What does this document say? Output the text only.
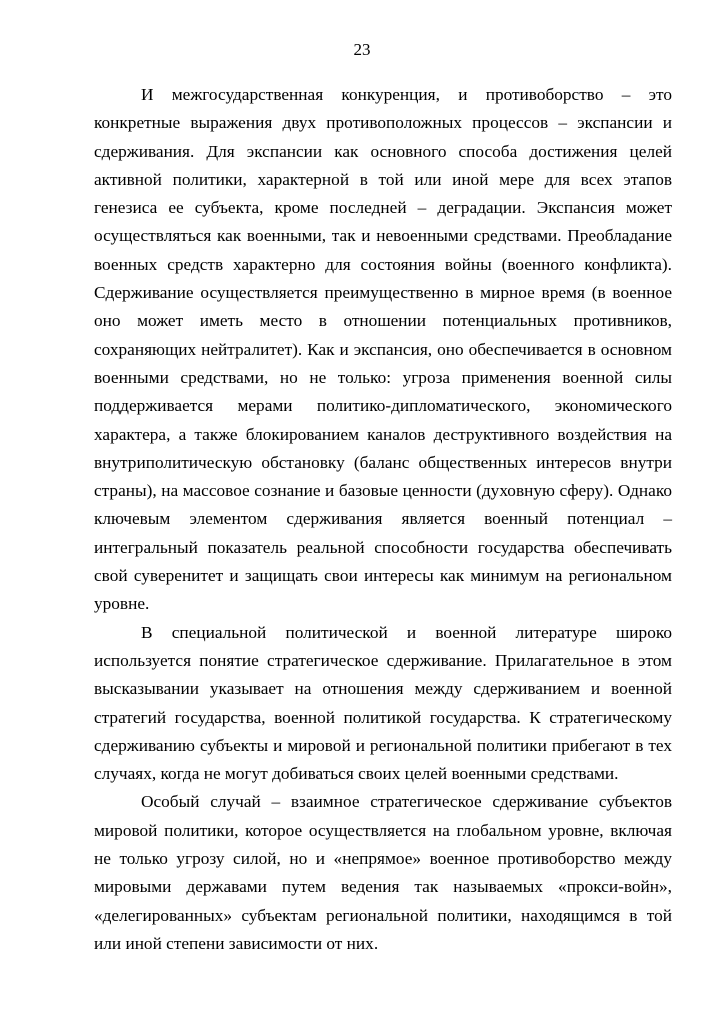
23

И межгосударственная конкуренция, и противоборство – это конкретные выражения двух противоположных процессов – экспансии и сдерживания. Для экспансии как основного способа достижения целей активной политики, характерной в той или иной мере для всех этапов генезиса ее субъекта, кроме последней – деградации. Экспансия может осуществляться как военными, так и невоенными средствами. Преобладание военных средств характерно для состояния войны (военного конфликта). Сдерживание осуществляется преимущественно в мирное время (в военное оно может иметь место в отношении потенциальных противников, сохраняющих нейтралитет). Как и экспансия, оно обеспечивается в основном военными средствами, но не только: угроза применения военной силы поддерживается мерами политико-дипломатического, экономического характера, а также блокированием каналов деструктивного воздействия на внутриполитическую обстановку (баланс общественных интересов внутри страны), на массовое сознание и базовые ценности (духовную сферу). Однако ключевым элементом сдерживания является военный потенциал – интегральный показатель реальной способности государства обеспечивать свой суверенитет и защищать свои интересы как минимум на региональном уровне.

В специальной политической и военной литературе широко используется понятие стратегическое сдерживание. Прилагательное в этом высказывании указывает на отношения между сдерживанием и военной стратегий государства, военной политикой государства. К стратегическому сдерживанию субъекты и мировой и региональной политики прибегают в тех случаях, когда не могут добиваться своих целей военными средствами.

Особый случай – взаимное стратегическое сдерживание субъектов мировой политики, которое осуществляется на глобальном уровне, включая не только угрозу силой, но и «непрямое» военное противоборство между мировыми державами путем ведения так называемых «прокси-войн», «делегированных» субъектам региональной политики, находящимся в той или иной степени зависимости от них.
